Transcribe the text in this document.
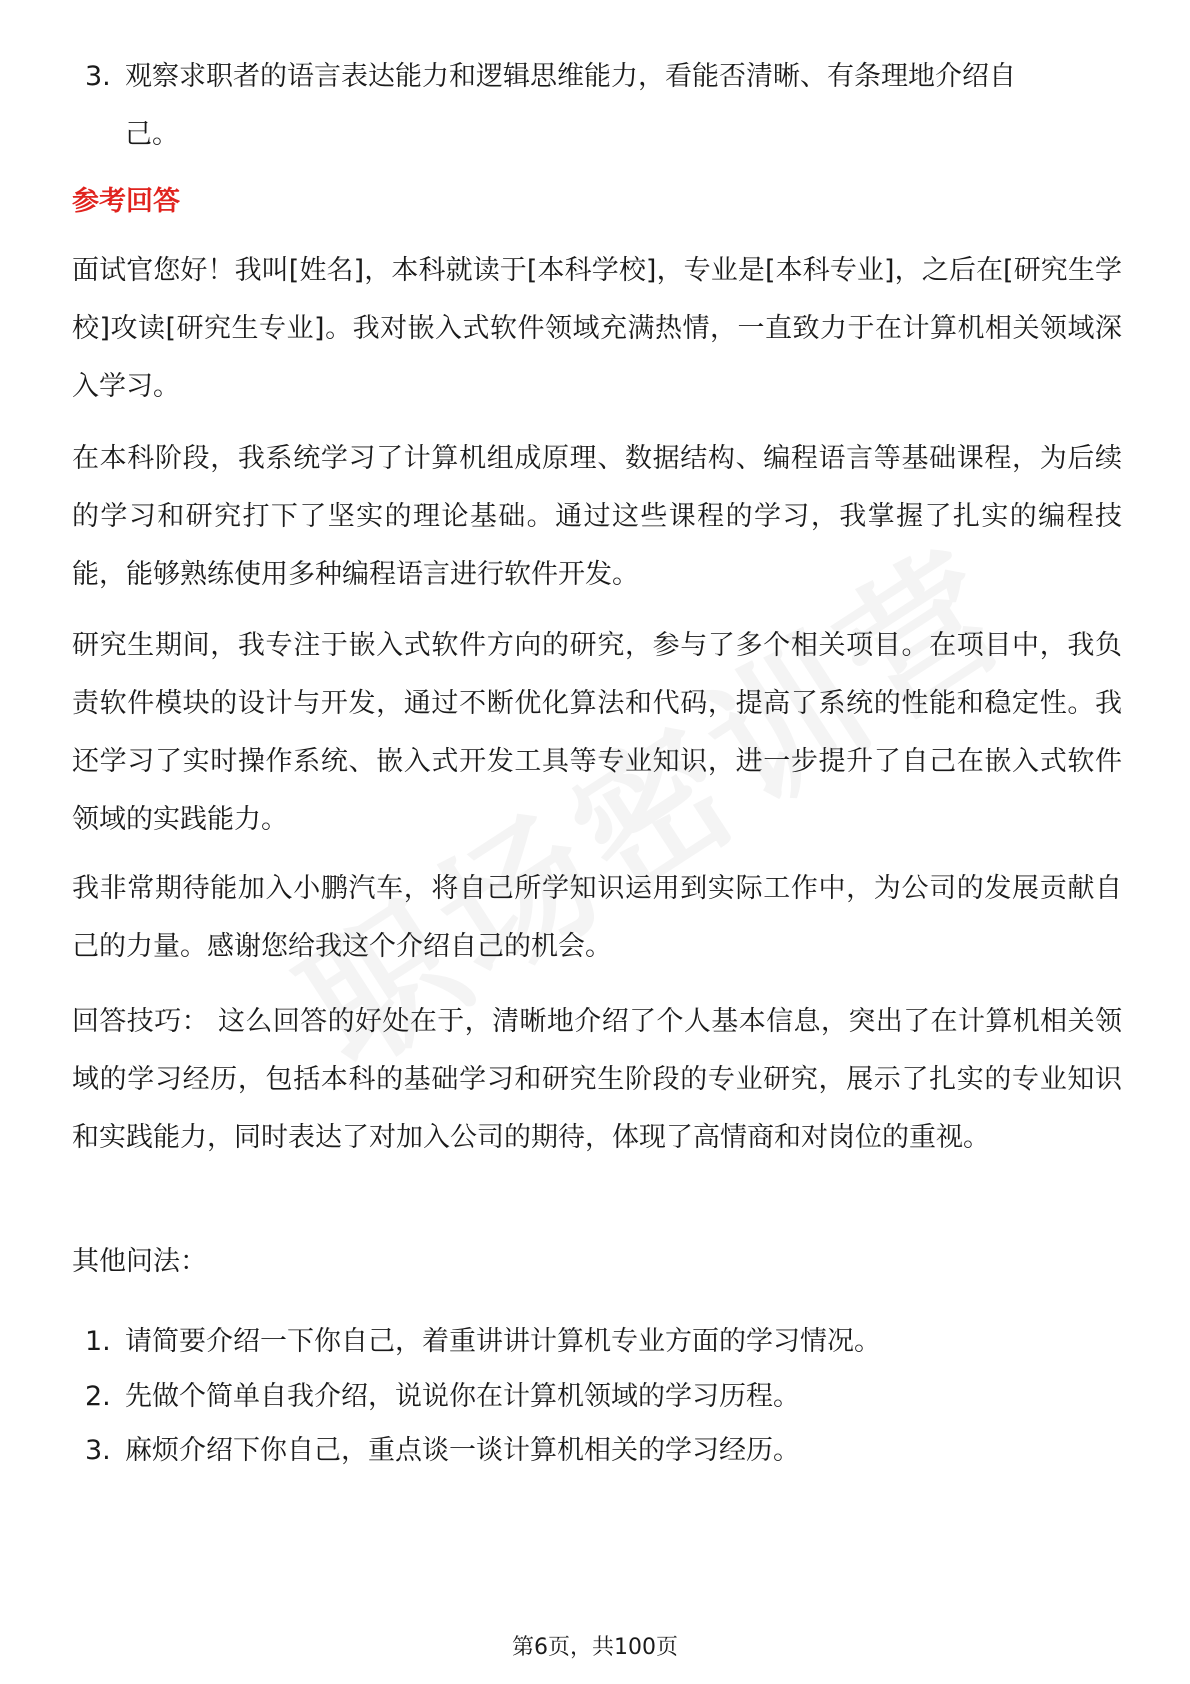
3. 观察求职者的语言表达能力和逻辑思维能力，看能否清晰、有条理地介绍自己。
参考回答
面试官您好！我叫[姓名]，本科就读于[本科学校]，专业是[本科专业]，之后在[研究生学校]攻读[研究生专业]。我对嵌入式软件领域充满热情，一直致力于在计算机相关领域深入学习。
在本科阶段，我系统学习了计算机组成原理、数据结构、编程语言等基础课程，为后续的学习和研究打下了坚实的理论基础。通过这些课程的学习，我掌握了扎实的编程技能，能够熟练使用多种编程语言进行软件开发。
研究生期间，我专注于嵌入式软件方向的研究，参与了多个相关项目。在项目中，我负责软件模块的设计与开发，通过不断优化算法和代码，提高了系统的性能和稳定性。我还学习了实时操作系统、嵌入式开发工具等专业知识，进一步提升了自己在嵌入式软件领域的实践能力。
我非常期待能加入小鹏汽车，将自己所学知识运用到实际工作中，为公司的发展贡献自己的力量。感谢您给我这个介绍自己的机会。
回答技巧： 这么回答的好处在于，清晰地介绍了个人基本信息，突出了在计算机相关领域的学习经历，包括本科的基础学习和研究生阶段的专业研究，展示了扎实的专业知识和实践能力，同时表达了对加入公司的期待，体现了高情商和对岗位的重视。
其他问法：
1. 请简要介绍一下你自己，着重讲讲计算机专业方面的学习情况。
2. 先做个简单自我介绍，说说你在计算机领域的学习历程。
3. 麻烦介绍下你自己，重点谈一谈计算机相关的学习经历。
第6页，共100页
